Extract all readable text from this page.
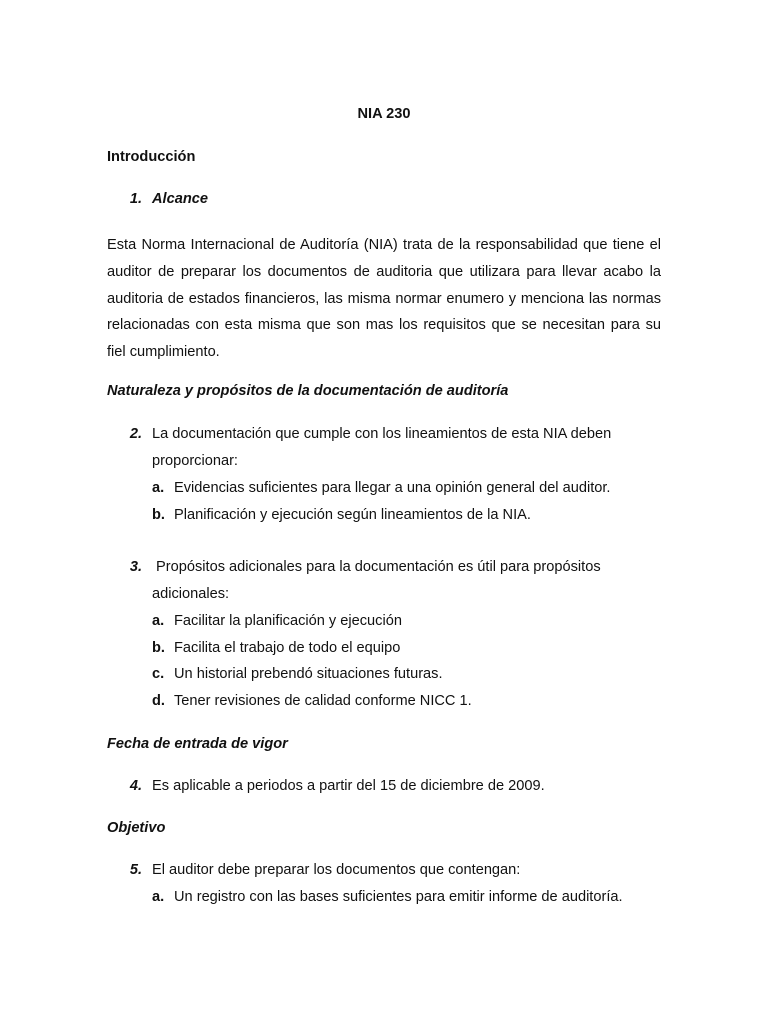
NIA 230
Introducción
1. Alcance
Esta Norma Internacional de Auditoría (NIA) trata de la responsabilidad que tiene el auditor de preparar los documentos de auditoria que utilizara para llevar acabo la auditoria de estados financieros, las misma normar enumero y menciona las normas relacionadas con esta misma que son mas los requisitos que se necesitan para su fiel cumplimiento.
Naturaleza y propósitos de la documentación de auditoría
2. La documentación que cumple con los lineamientos de esta NIA deben
proporcionar:
a. Evidencias suficientes para llegar a una opinión general del auditor.
b. Planificación y ejecución según lineamientos de la NIA.
3. Propósitos adicionales para la documentación es útil para propósitos
adicionales:
a. Facilitar la planificación y ejecución
b. Facilita el trabajo de todo el equipo
c. Un historial prebendó situaciones futuras.
d. Tener revisiones de calidad conforme NICC 1.
Fecha de entrada de vigor
4. Es aplicable a periodos a partir del 15 de diciembre de 2009.
Objetivo
5. El auditor debe preparar los documentos que contengan:
a. Un registro con las bases suficientes para emitir informe de auditoría.
